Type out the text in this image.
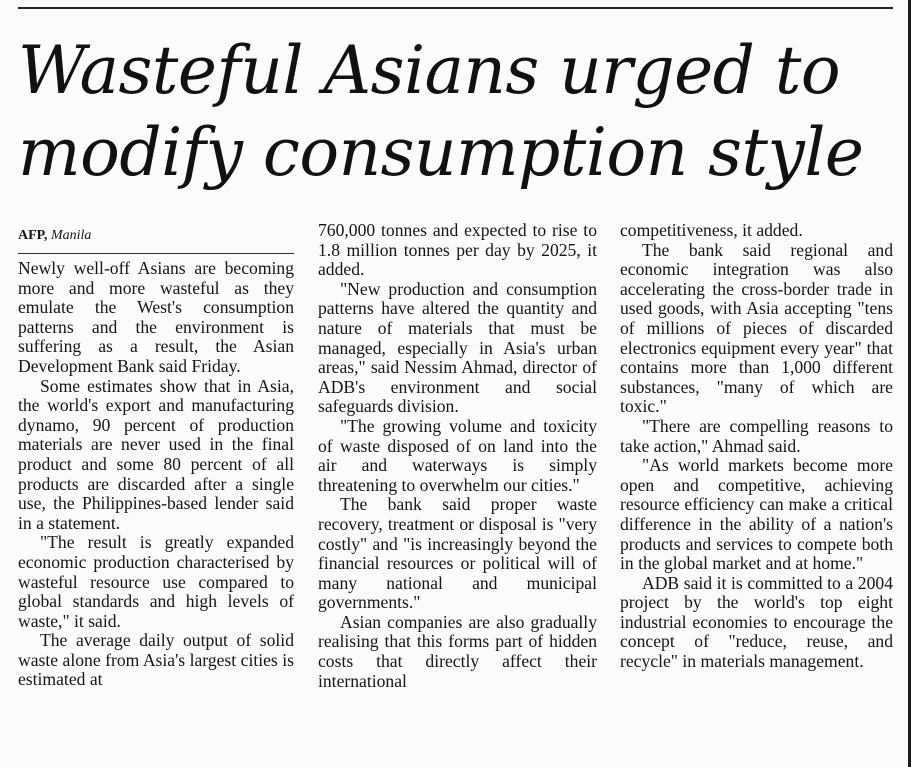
Wasteful Asians urged to
modify consumption style
AFP, Manila

Newly well-off Asians are becoming more and more wasteful as they emulate the West's consumption patterns and the environment is suffering as a result, the Asian Development Bank said Friday.

Some estimates show that in Asia, the world's export and manufacturing dynamo, 90 percent of production materials are never used in the final product and some 80 percent of all products are discarded after a single use, the Philippines-based lender said in a statement.

"The result is greatly expanded economic production characterised by wasteful resource use compared to global standards and high levels of waste," it said.

The average daily output of solid waste alone from Asia's largest cities is estimated at

760,000 tonnes and expected to rise to 1.8 million tonnes per day by 2025, it added.

"New production and consumption patterns have altered the quantity and nature of materials that must be managed, especially in Asia's urban areas," said Nessim Ahmad, director of ADB's environment and social safeguards division.

"The growing volume and toxicity of waste disposed of on land into the air and waterways is simply threatening to overwhelm our cities."

The bank said proper waste recovery, treatment or disposal is "very costly" and "is increasingly beyond the financial resources or political will of many national and municipal governments."

Asian companies are also gradually realising that this forms part of hidden costs that directly affect their international

competitiveness, it added.

The bank said regional and economic integration was also accelerating the cross-border trade in used goods, with Asia accepting "tens of millions of pieces of discarded electronics equipment every year" that contains more than 1,000 different substances, "many of which are toxic."

"There are compelling reasons to take action," Ahmad said.

"As world markets become more open and competitive, achieving resource efficiency can make a critical difference in the ability of a nation's products and services to compete both in the global market and at home."

ADB said it is committed to a 2004 project by the world's top eight industrial economies to encourage the concept of "reduce, reuse, and recycle" in materials management.
